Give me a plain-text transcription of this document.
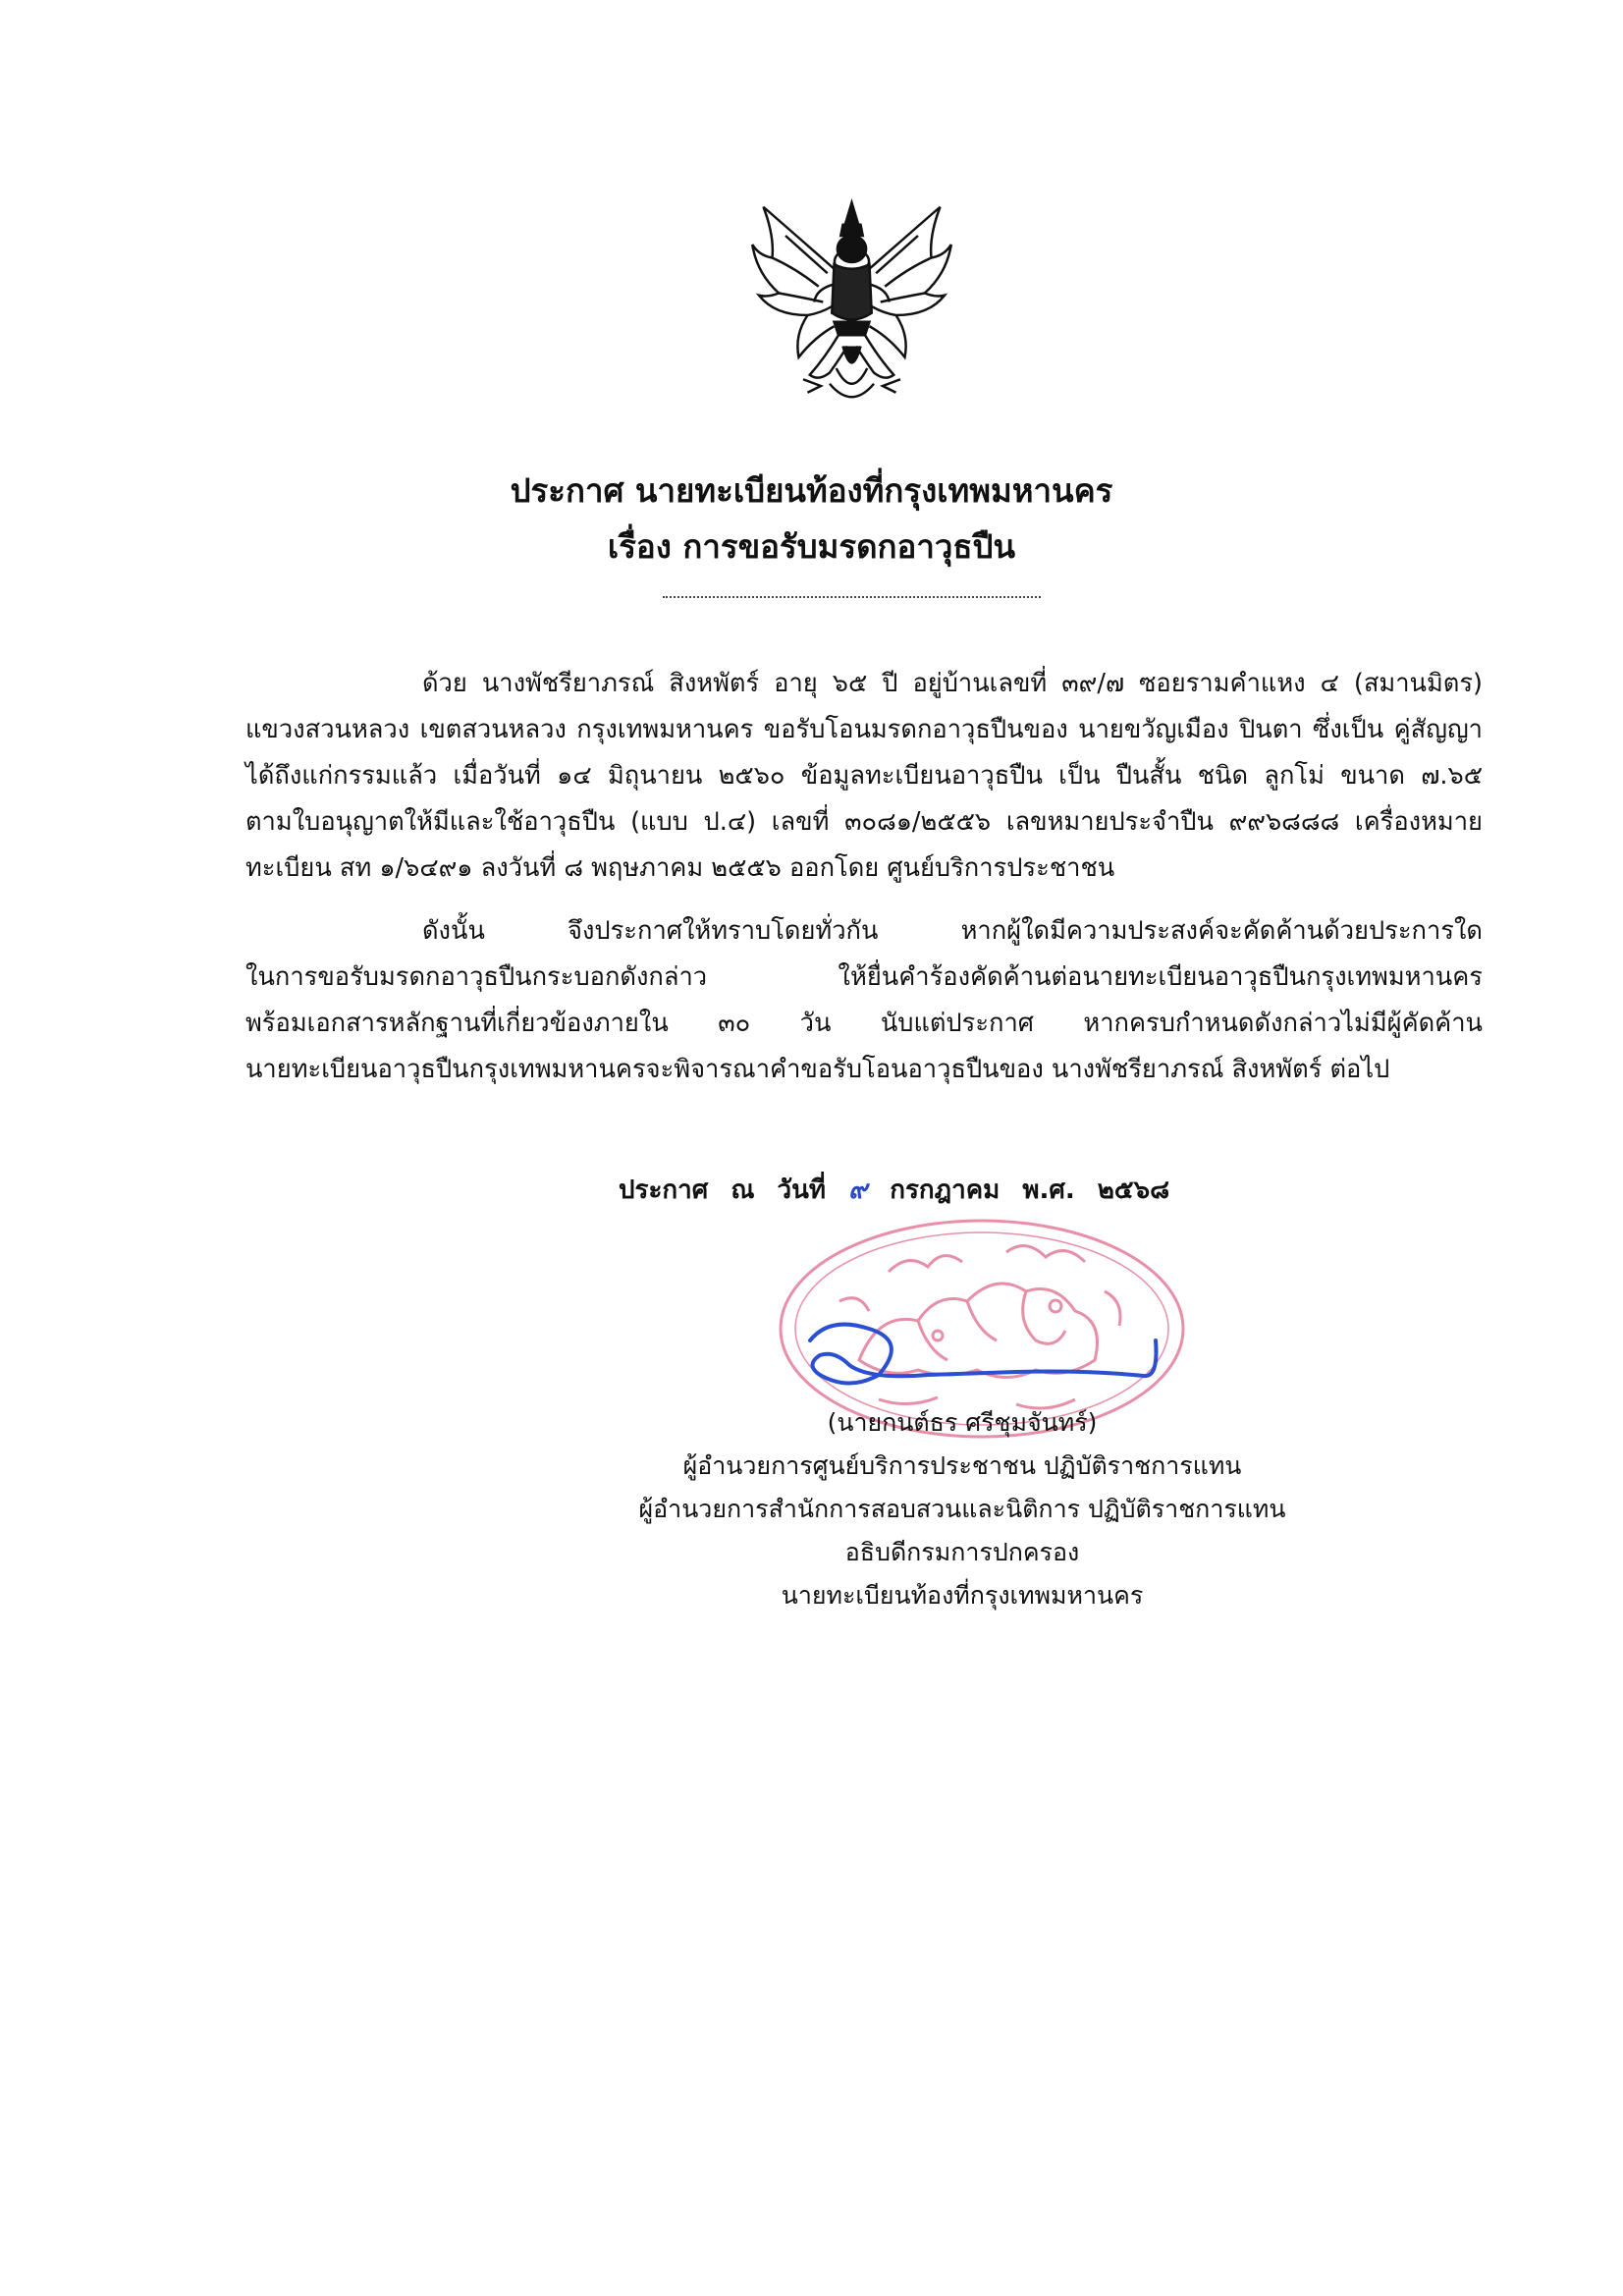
ประกาศ นายทะเบียนท้องที่กรุงเทพมหานคร
เรื่อง การขอรับมรดกอาวุธปืน
ด้วย นางพัชรียาภรณ์ สิงหพัตร์ อายุ ๖๕ ปี อยู่บ้านเลขที่ ๓๙/๗ ซอยรามคำแหง ๔ (สมานมิตร)
แขวงสวนหลวง เขตสวนหลวง กรุงเทพมหานคร ขอรับโอนมรดกอาวุธปืนของ นายขวัญเมือง ปินตา ซึ่งเป็น คู่สัญญา
ได้ถึงแก่กรรมแล้ว เมื่อวันที่ ๑๔ มิถุนายน ๒๕๖๐ ข้อมูลทะเบียนอาวุธปืน เป็น ปืนสั้น ชนิด ลูกโม่ ขนาด ๗.๖๕
ตามใบอนุญาตให้มีและใช้อาวุธปืน (แบบ ป.๔) เลขที่ ๓๐๘๑/๒๕๕๖ เลขหมายประจำปืน ๙๙๖๘๘๘ เครื่องหมาย
ทะเบียน สท ๑/๖๔๙๑ ลงวันที่ ๘ พฤษภาคม ๒๕๕๖ ออกโดย ศูนย์บริการประชาชน
ดังนั้น จึงประกาศให้ทราบโดยทั่วกัน หากผู้ใดมีความประสงค์จะคัดค้านด้วยประการใด
ในการขอรับมรดกอาวุธปืนกระบอกดังกล่าว ให้ยื่นคำร้องคัดค้านต่อนายทะเบียนอาวุธปืนกรุงเทพมหานคร
พร้อมเอกสารหลักฐานที่เกี่ยวข้องภายใน ๓๐ วัน นับแต่ประกาศ หากครบกำหนดดังกล่าวไม่มีผู้คัดค้าน
นายทะเบียนอาวุธปืนกรุงเทพมหานครจะพิจารณาคำขอรับโอนอาวุธปืนของ นางพัชรียาภรณ์ สิงหพัตร์ ต่อไป
ประกาศ ณ วันที่ ๙ กรกฎาคม พ.ศ. ๒๕๖๘
(นายกนต์ธร ศรีชุมจันทร์)
ผู้อำนวยการศูนย์บริการประชาชน ปฏิบัติราชการแทน
ผู้อำนวยการสำนักการสอบสวนและนิติการ ปฏิบัติราชการแทน
อธิบดีกรมการปกครอง
นายทะเบียนท้องที่กรุงเทพมหานคร
